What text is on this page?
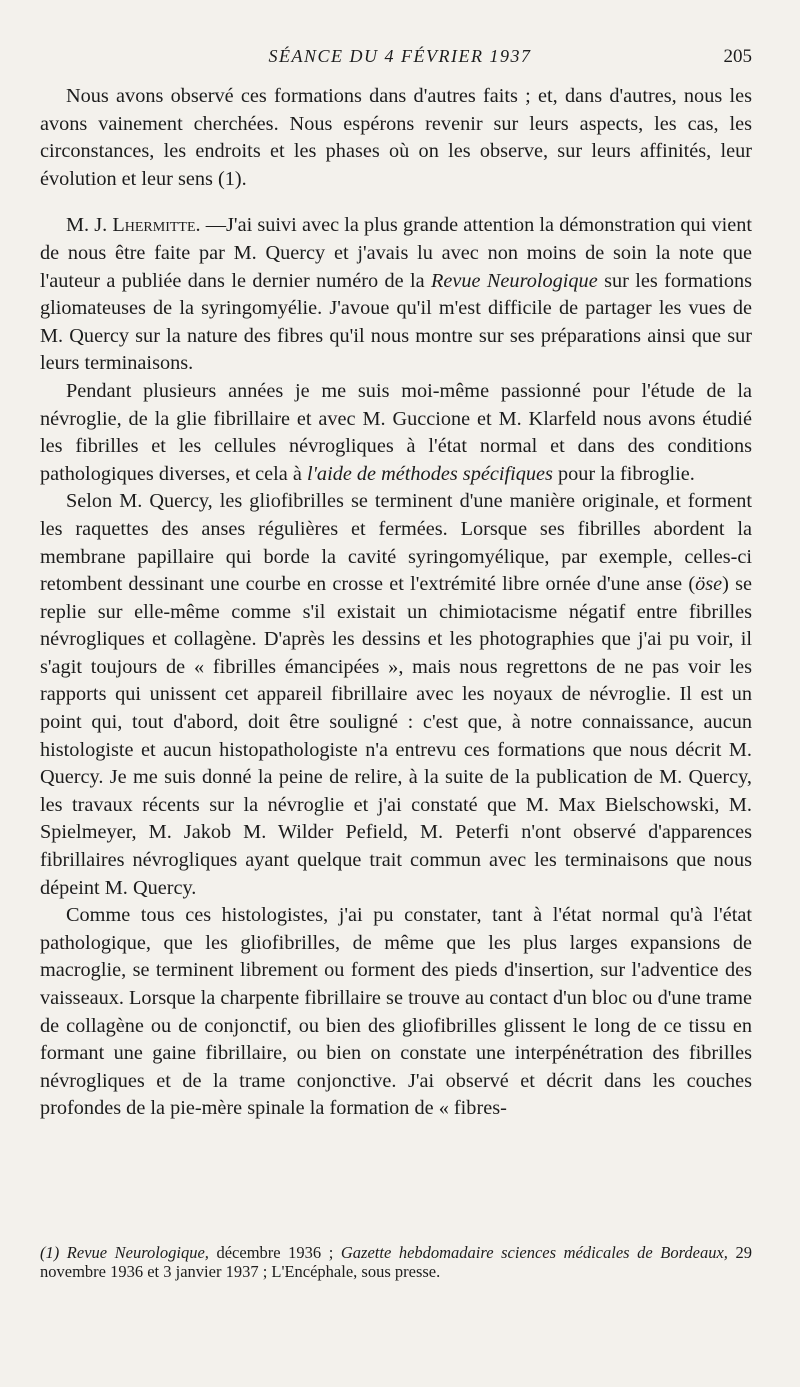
SÉANCE DU 4 FÉVRIER 1937	205

Nous avons observé ces formations dans d'autres faits ; et, dans d'autres, nous les avons vainement cherchées. Nous espérons revenir sur leurs aspects, les cas, les circonstances, les endroits et les phases où on les observe, sur leurs affinités, leur évolution et leur sens (1).

M. J. Lhermitte. —J'ai suivi avec la plus grande attention la démonstration qui vient de nous être faite par M. Quercy et j'avais lu avec non moins de soin la note que l'auteur a publiée dans le dernier numéro de la Revue Neurologique sur les formations gliomateuses de la syringomyélie. J'avoue qu'il m'est difficile de partager les vues de M. Quercy sur la nature des fibres qu'il nous montre sur ses préparations ainsi que sur leurs terminaisons.

Pendant plusieurs années je me suis moi-même passionné pour l'étude de la névroglie, de la glie fibrillaire et avec M. Guccione et M. Klarfeld nous avons étudié les fibrilles et les cellules névrogliques à l'état normal et dans des conditions pathologiques diverses, et cela à l'aide de méthodes spécifiques pour la fibroglie.

Selon M. Quercy, les gliofibrilles se terminent d'une manière originale, et forment les raquettes des anses régulières et fermées. Lorsque ses fibrilles abordent la membrane papillaire qui borde la cavité syringomyélique, par exemple, celles-ci retombent dessinant une courbe en crosse et l'extrémité libre ornée d'une anse (öse) se replie sur elle-même comme s'il existait un chimiotacisme négatif entre fibrilles névrogliques et collagène. D'après les dessins et les photographies que j'ai pu voir, il s'agit toujours de « fibrilles émancipées », mais nous regrettons de ne pas voir les rapports qui unissent cet appareil fibrillaire avec les noyaux de névroglie. Il est un point qui, tout d'abord, doit être souligné : c'est que, à notre connaissance, aucun histologiste et aucun histopathologiste n'a entrevu ces formations que nous décrit M. Quercy. Je me suis donné la peine de relire, à la suite de la publication de M. Quercy, les travaux récents sur la névroglie et j'ai constaté que M. Max Bielschowski, M. Spielmeyer, M. Jakob M. Wilder Pefield, M. Peterfi n'ont observé d'apparences fibrillaires névrogliques ayant quelque trait commun avec les terminaisons que nous dépeint M. Quercy.

Comme tous ces histologistes, j'ai pu constater, tant à l'état normal qu'à l'état pathologique, que les gliofibrilles, de même que les plus larges expansions de macroglie, se terminent librement ou forment des pieds d'insertion, sur l'adventice des vaisseaux. Lorsque la charpente fibrillaire se trouve au contact d'un bloc ou d'une trame de collagène ou de conjonctif, ou bien des gliofibrilles glissent le long de ce tissu en formant une gaine fibrillaire, ou bien on constate une interpénétration des fibrilles névrogliques et de la trame conjonctive. J'ai observé et décrit dans les couches profondes de la pie-mère spinale la formation de « fibres-

(1) Revue Neurologique, décembre 1936 ; Gazette hebdomadaire sciences médicales de Bordeaux, 29 novembre 1936 et 3 janvier 1937 ; L'Encéphale, sous presse.
